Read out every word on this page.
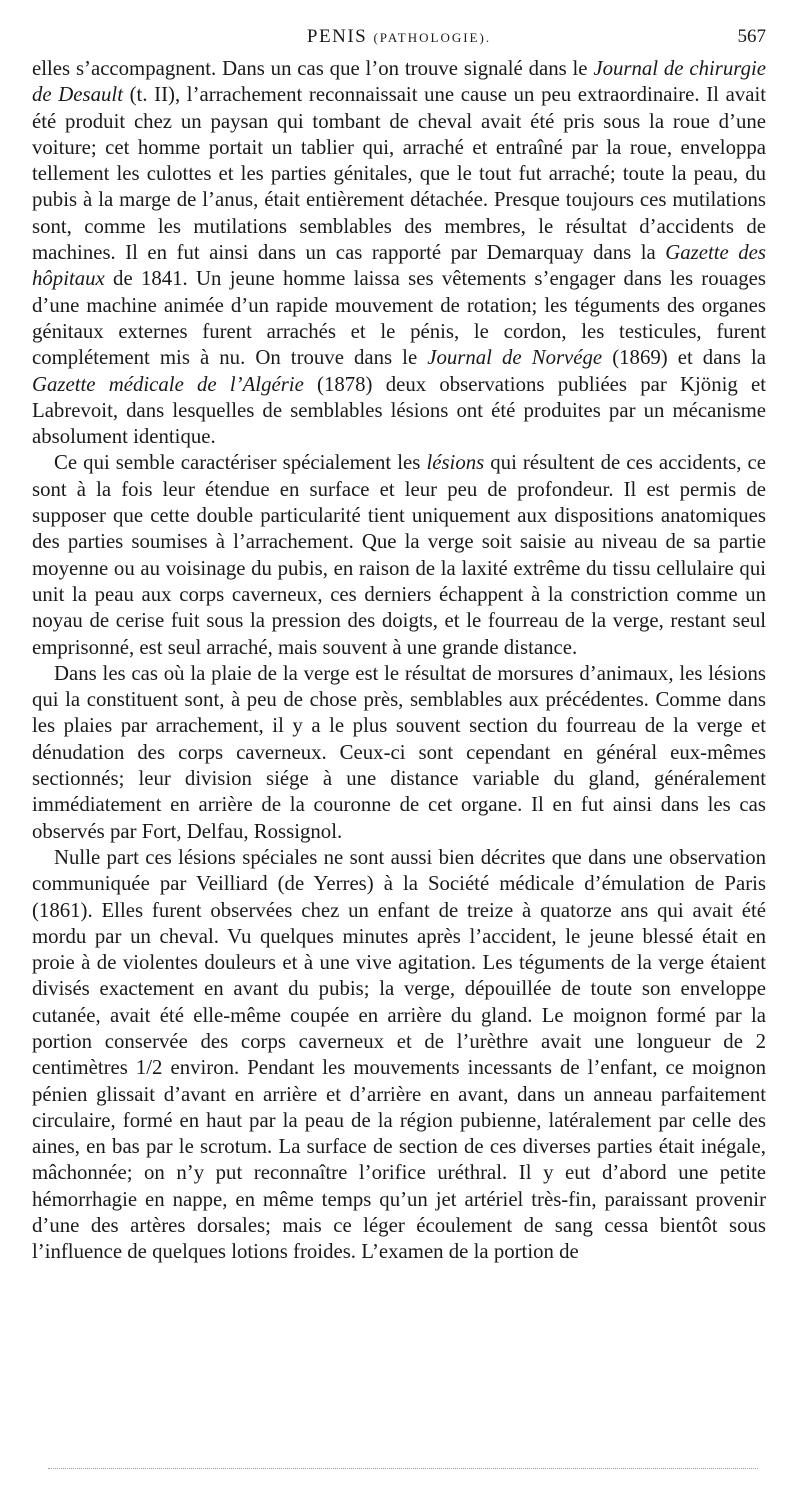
PENIS (PATHOLOGIE).	567

elles s’accompagnent. Dans un cas que l’on trouve signalé dans le Journal de chirurgie de Desault (t. II), l’arrachement reconnaissait une cause un peu extraordinaire. Il avait été produit chez un paysan qui tombant de cheval avait été pris sous la roue d’une voiture; cet homme portait un tablier qui, arraché et entraîné par la roue, enveloppa tellement les culottes et les parties génitales, que le tout fut arraché; toute la peau, du pubis à la marge de l’anus, était entièrement détachée. Presque toujours ces mutilations sont, comme les mutilations semblables des membres, le résultat d’accidents de machines. Il en fut ainsi dans un cas rapporté par Demarquay dans la Gazette des hôpitaux de 1841. Un jeune homme laissa ses vêtements s’engager dans les rouages d’une machine animée d’un rapide mouvement de rotation; les téguments des organes génitaux externes furent arrachés et le pénis, le cordon, les testicules, furent complétement mis à nu. On trouve dans le Journal de Norvége (1869) et dans la Gazette médicale de l’Algérie (1878) deux observations publiées par Kjönig et Labrevoit, dans lesquelles de semblables lésions ont été produites par un mécanisme absolument identique.

Ce qui semble caractériser spécialement les lésions qui résultent de ces accidents, ce sont à la fois leur étendue en surface et leur peu de profondeur. Il est permis de supposer que cette double particularité tient uniquement aux dispositions anatomiques des parties soumises à l’arrachement. Que la verge soit saisie au niveau de sa partie moyenne ou au voisinage du pubis, en raison de la laxité extrême du tissu cellulaire qui unit la peau aux corps caverneux, ces derniers échappent à la constriction comme un noyau de cerise fuit sous la pression des doigts, et le fourreau de la verge, restant seul emprisonné, est seul arraché, mais souvent à une grande distance.

Dans les cas où la plaie de la verge est le résultat de morsures d’animaux, les lésions qui la constituent sont, à peu de chose près, semblables aux précédentes. Comme dans les plaies par arrachement, il y a le plus souvent section du fourreau de la verge et dénudation des corps caverneux. Ceux-ci sont cependant en général eux-mêmes sectionnés; leur division siége à une distance variable du gland, généralement immédiatement en arrière de la couronne de cet organe. Il en fut ainsi dans les cas observés par Fort, Delfau, Rossignol.

Nulle part ces lésions spéciales ne sont aussi bien décrites que dans une observation communiquée par Veilliard (de Yerres) à la Société médicale d’émulation de Paris (1861). Elles furent observées chez un enfant de treize à quatorze ans qui avait été mordu par un cheval. Vu quelques minutes après l’accident, le jeune blessé était en proie à de violentes douleurs et à une vive agitation. Les téguments de la verge étaient divisés exactement en avant du pubis; la verge, dépouillée de toute son enveloppe cutanée, avait été elle-même coupée en arrière du gland. Le moignon formé par la portion conservée des corps caverneux et de l’urèthre avait une longueur de 2 centimètres 1/2 environ. Pendant les mouvements incessants de l’enfant, ce moignon pénien glissait d’avant en arrière et d’arrière en avant, dans un anneau parfaitement circulaire, formé en haut par la peau de la région pubienne, latéralement par celle des aines, en bas par le scrotum. La surface de section de ces diverses parties était inégale, mâchonnée; on n’y put reconnaître l’orifice uréthral. Il y eut d’abord une petite hémorrhagie en nappe, en même temps qu’un jet artériel très-fin, paraissant provenir d’une des artères dorsales; mais ce léger écoulement de sang cessa bientôt sous l’influence de quelques lotions froides. L’examen de la portion de
